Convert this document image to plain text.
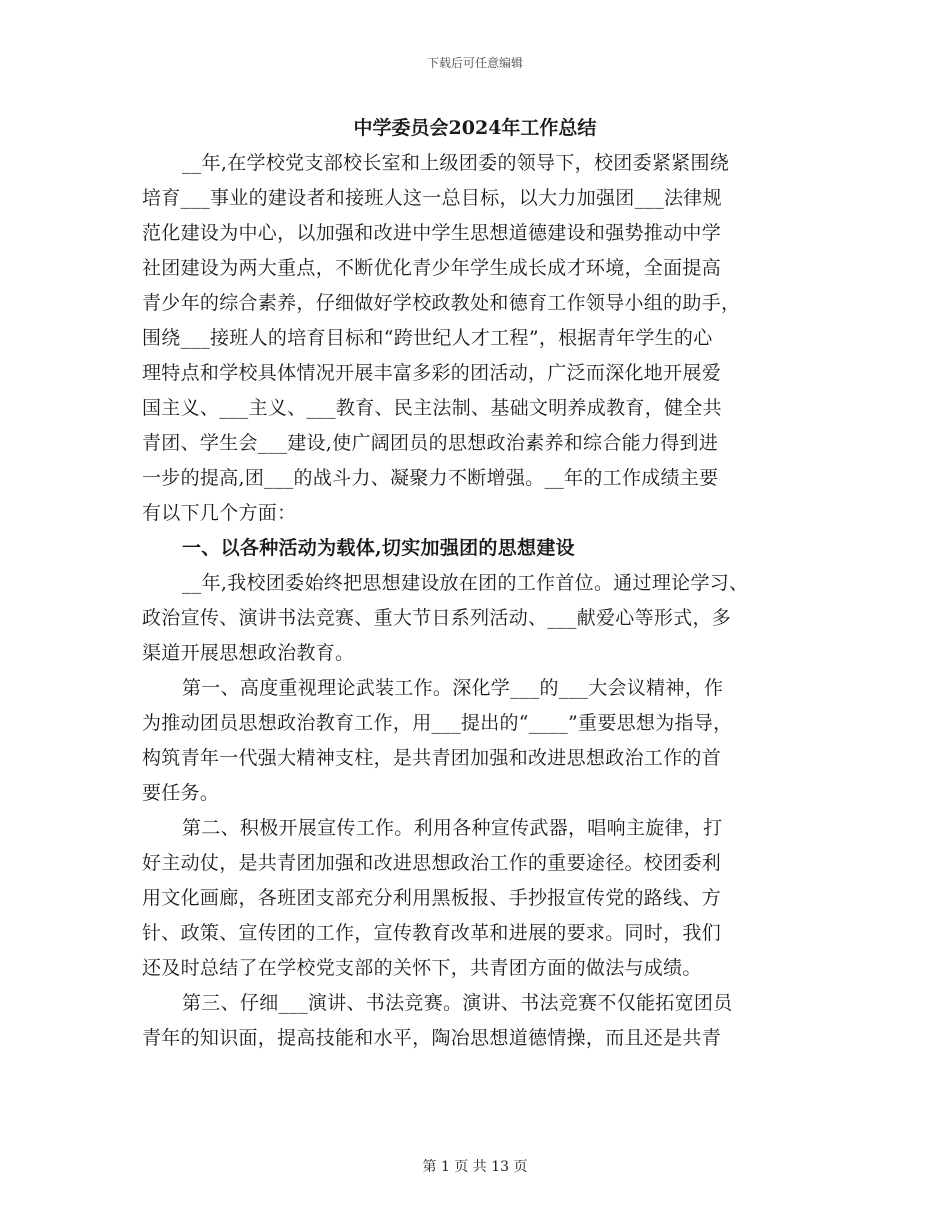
下载后可任意编辑
中学委员会2024年工作总结
__年,在学校党支部校长室和上级团委的领导下，校团委紧紧围绕
培育___事业的建设者和接班人这一总目标，以大力加强团___法律规
范化建设为中心，以加强和改进中学生思想道德建设和强势推动中学
社团建设为两大重点，不断优化青少年学生成长成才环境，全面提高
青少年的综合素养，仔细做好学校政教处和德育工作领导小组的助手，
围绕___接班人的培育目标和“跨世纪人才工程”，根据青年学生的心
理特点和学校具体情况开展丰富多彩的团活动，广泛而深化地开展爱
国主义、___主义、___教育、民主法制、基础文明养成教育，健全共
青团、学生会___建设,使广阔团员的思想政治素养和综合能力得到进
一步的提高,团___的战斗力、凝聚力不断增强。__年的工作成绩主要
有以下几个方面：
一、以各种活动为载体,切实加强团的思想建设
__年,我校团委始终把思想建设放在团的工作首位。通过理论学习、
政治宣传、演讲书法竞赛、重大节日系列活动、___献爱心等形式，多
渠道开展思想政治教育。
第一、高度重视理论武装工作。深化学___的___大会议精神，作
为推动团员思想政治教育工作，用___提出的“____”重要思想为指导，
构筑青年一代强大精神支柱，是共青团加强和改进思想政治工作的首
要任务。
第二、积极开展宣传工作。利用各种宣传武器，唱响主旋律，打
好主动仗，是共青团加强和改进思想政治工作的重要途径。校团委利
用文化画廊，各班团支部充分利用黑板报、手抄报宣传党的路线、方
针、政策、宣传团的工作，宣传教育改革和进展的要求。同时，我们
还及时总结了在学校党支部的关怀下，共青团方面的做法与成绩。
第三、仔细___演讲、书法竞赛。演讲、书法竞赛不仅能拓宽团员
青年的知识面，提高技能和水平，陶冶思想道德情操，而且还是共青
第 1 页 共 13 页
